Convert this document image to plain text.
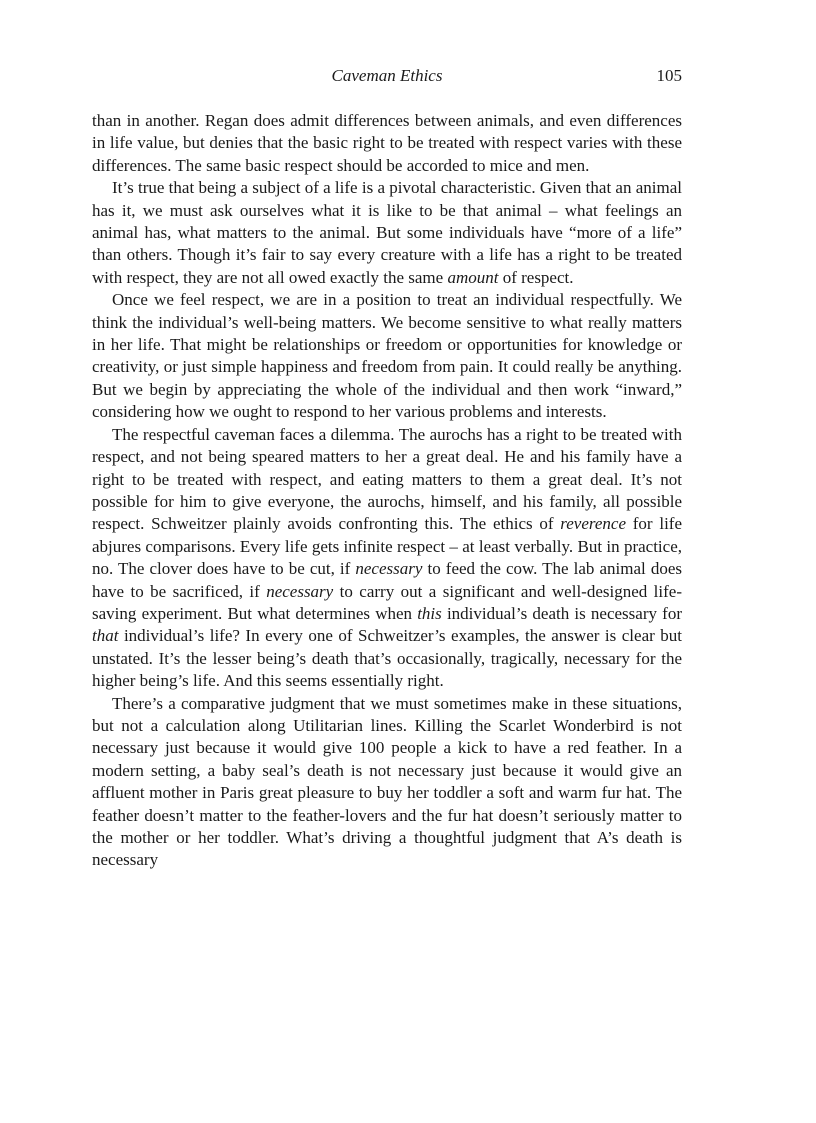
Caveman Ethics	105

than in another. Regan does admit differences between animals, and even differences in life value, but denies that the basic right to be treated with respect varies with these differences. The same basic respect should be accorded to mice and men.

It’s true that being a subject of a life is a pivotal characteristic. Given that an animal has it, we must ask ourselves what it is like to be that animal – what feelings an animal has, what matters to the animal. But some individuals have “more of a life” than others. Though it’s fair to say every creature with a life has a right to be treated with respect, they are not all owed exactly the same amount of respect.

Once we feel respect, we are in a position to treat an individual respectfully. We think the individual’s well-being matters. We become sensitive to what really matters in her life. That might be relationships or freedom or opportunities for knowledge or creativity, or just simple happiness and freedom from pain. It could really be anything. But we begin by appreciating the whole of the individual and then work “inward,” considering how we ought to respond to her various problems and interests.

The respectful caveman faces a dilemma. The aurochs has a right to be treated with respect, and not being speared matters to her a great deal. He and his family have a right to be treated with respect, and eating matters to them a great deal. It’s not possible for him to give everyone, the aurochs, himself, and his family, all possible respect. Schweitzer plainly avoids confronting this. The ethics of reverence for life abjures comparisons. Every life gets infinite respect – at least verbally. But in practice, no. The clover does have to be cut, if necessary to feed the cow. The lab animal does have to be sacrificed, if necessary to carry out a significant and well-designed life-saving experiment. But what determines when this individual’s death is necessary for that individual’s life? In every one of Schweitzer’s examples, the answer is clear but unstated. It’s the lesser being’s death that’s occasionally, tragically, necessary for the higher being’s life. And this seems essentially right.

There’s a comparative judgment that we must sometimes make in these situations, but not a calculation along Utilitarian lines. Killing the Scarlet Wonderbird is not necessary just because it would give 100 people a kick to have a red feather. In a modern setting, a baby seal’s death is not necessary just because it would give an affluent mother in Paris great pleasure to buy her toddler a soft and warm fur hat. The feather doesn’t matter to the feather-lovers and the fur hat doesn’t seriously matter to the mother or her toddler. What’s driving a thoughtful judgment that A’s death is necessary
